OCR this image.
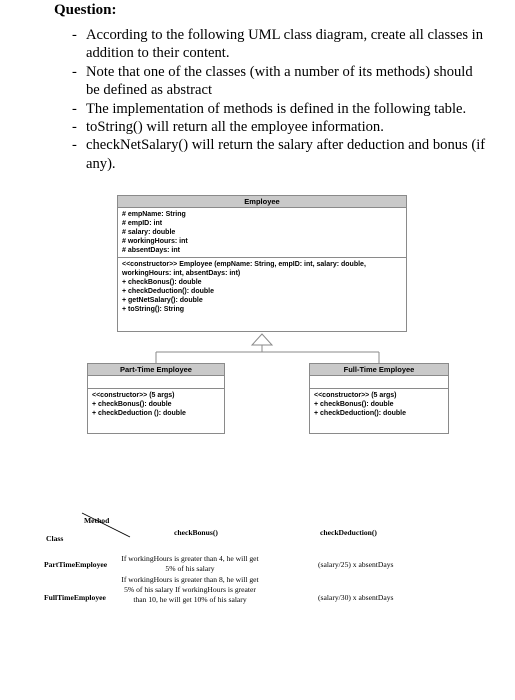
Question:
- According to the following UML class diagram, create all classes in addition to their content.
- Note that one of the classes (with a number of its methods) should be defined as abstract
- The implementation of methods is defined in the following table.
- toString() will return all the employee information.
- checkNetSalary() will return the salary after deduction and bonus (if any).
Employee
# empName: String
# empID: int
# salary: double
# workingHours: int
# absentDays: int
<<constructor>> Employee (empName: String, empID: int, salary: double, workingHours: int, absentDays: int)
+ checkBonus(): double
+ checkDeduction(): double
+ getNetSalary(): double
+ toString(): String
Part-Time Employee
<<constructor>> (5 args)
+ checkBonus(): double
+ checkDeduction (): double
Full-Time Employee
<<constructor>> (5 args)
+ checkBonus(): double
+ checkDeduction(): double
Method
Class
checkBonus()	checkDeduction()
PartTimeEmployee
If workingHours is greater than 4, he will get 5% of his salary	(salary/25) x absentDays
FullTimeEmployee
If workingHours is greater than 8, he will get 5% of his salary If workingHours is greater than 10, he will get 10% of his salary	(salary/30) x absentDays
